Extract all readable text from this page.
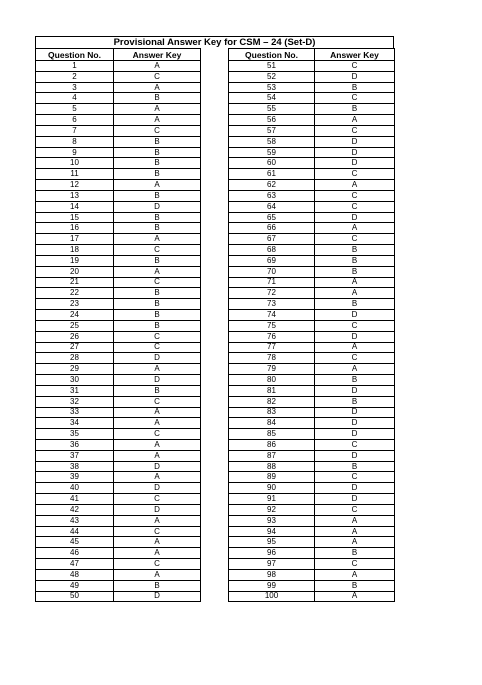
Provisional Answer Key for CSM – 24 (Set-D)
Question No.	Answer Key		Question No.	Answer Key
1	A		51	C
2	C		52	D
3	A		53	B
4	B		54	C
5	A		55	B
6	A		56	A
7	C		57	C
8	B		58	D
9	B		59	D
10	B		60	D
11	B		61	C
12	A		62	A
13	B		63	C
14	D		64	C
15	B		65	D
16	B		66	A
17	A		67	C
18	C		68	B
19	B		69	B
20	A		70	B
21	C		71	A
22	B		72	A
23	B		73	B
24	B		74	D
25	B		75	C
26	C		76	D
27	C		77	A
28	D		78	C
29	A		79	A
30	D		80	B
31	B		81	D
32	C		82	B
33	A		83	D
34	A		84	D
35	C		85	D
36	A		86	C
37	A		87	D
38	D		88	B
39	A		89	C
40	D		90	D
41	C		91	D
42	D		92	C
43	A		93	A
44	C		94	A
45	A		95	A
46	A		96	B
47	C		97	C
48	A		98	A
49	B		99	B
50	D		100	A
